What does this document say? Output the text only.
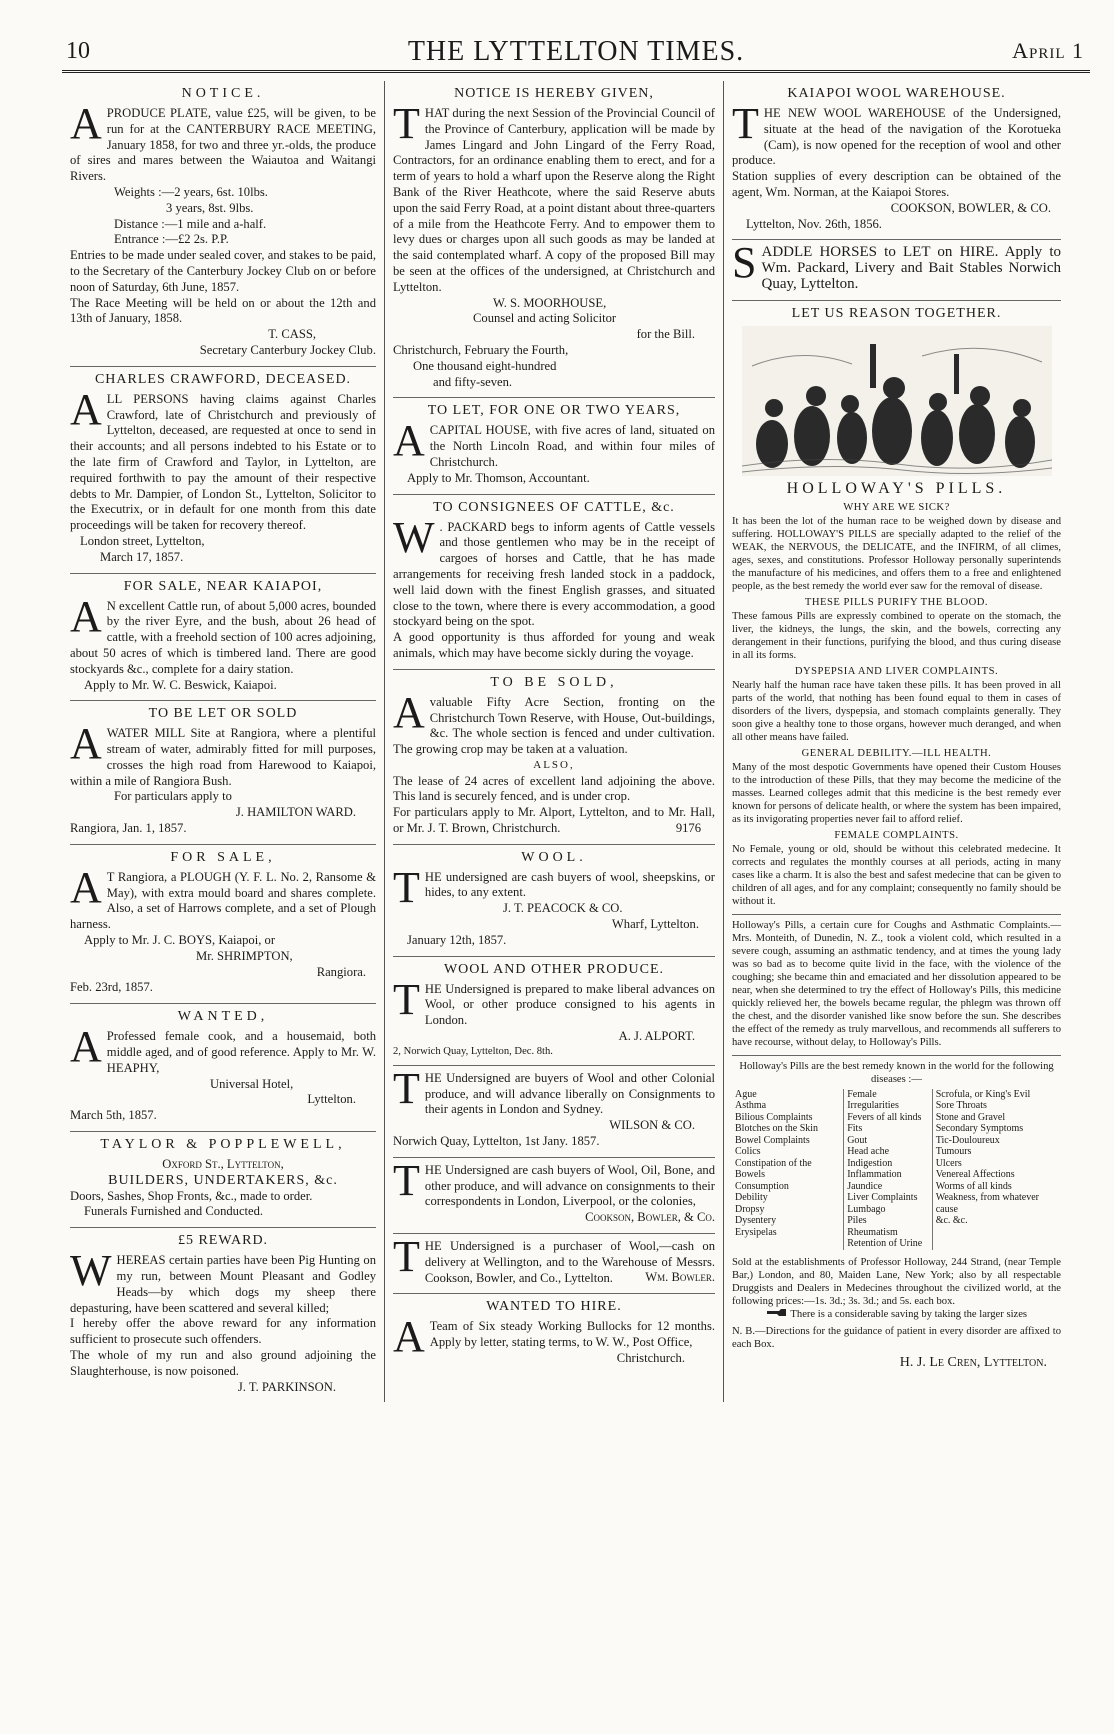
10	THE LYTTELTON TIMES.	April 1
NOTICE.

APRODUCE PLATE, value £25, will be given, to be run for at the CANTERBURY RACE MEETING, January 1858, for two and three yr.-olds, the produce of sires and mares between the Waiautoa and Waitangi Rivers.

Weights :—2 years, 6st. 10lbs.

3 years, 8st. 9lbs.

Distance :—1 mile and a-half.

Entrance :—£2 2s. P.P.

Entries to be made under sealed cover, and stakes to be paid, to the Secretary of the Canterbury Jockey Club on or before noon of Saturday, 6th June, 1857.

The Race Meeting will be held on or about the 12th and 13th of January, 1858.

T. CASS,

Secretary Canterbury Jockey Club.

CHARLES CRAWFORD, DECEASED.

ALL PERSONS having claims against Charles Crawford, late of Christchurch and previously of Lyttelton, deceased, are requested at once to send in their accounts; and all persons indebted to his Estate or to the late firm of Crawford and Taylor, in Lyttelton, are required forthwith to pay the amount of their respective debts to Mr. Dampier, of London St., Lyttelton, Solicitor to the Executrix, or in default for one month from this date proceedings will be taken for recovery thereof.

London street, Lyttelton,

March 17, 1857.

FOR SALE, NEAR KAIAPOI,

A N excellent Cattle run, of about 5,000 acres, bounded by the river Eyre, and the bush, about 26 head of cattle, with a freehold section of 100 acres adjoining, about 50 acres of which is timbered land. There are good stockyards &c., complete for a dairy station.

Apply to Mr. W. C. Beswick, Kaiapoi.

TO BE LET OR SOLD

AWATER MILL Site at Rangiora, where a plentiful stream of water, admirably fitted for mill purposes, crosses the high road from Harewood to Kaiapoi, within a mile of Rangiora Bush.

For particulars apply to

J. HAMILTON WARD.

Rangiora, Jan. 1, 1857.

FOR SALE,

A T Rangiora, a PLOUGH (Y. F. L. No. 2, Ransome & May), with extra mould board and shares complete. Also, a set of Harrows complete, and a set of Plough harness.

Apply to Mr. J. C. BOYS, Kaiapoi, or

Mr. SHRIMPTON,

Rangiora.

Feb. 23rd, 1857.

WANTED,

A Professed female cook, and a housemaid, both middle aged, and of good reference. Apply to Mr. W. HEAPHY,

Universal Hotel,

Lyttelton.

March 5th, 1857.

TAYLOR & POPPLEWELL,

Oxford St., Lyttelton,

BUILDERS, UNDERTAKERS, &c.

Doors, Sashes, Shop Fronts, &c., made to order.

Funerals Furnished and Conducted.

£5 REWARD.

WHEREAS certain parties have been Pig Hunting on my run, between Mount Pleasant and Godley Heads—by which dogs my sheep there depasturing, have been scattered and several killed;

I hereby offer the above reward for any information sufficient to prosecute such offenders.

The whole of my run and also ground adjoining the Slaughterhouse, is now poisoned.

J. T. PARKINSON.

NOTICE IS HEREBY GIVEN,

THAT during the next Session of the Provincial Council of the Province of Canterbury, application will be made by James Lingard and John Lingard of the Ferry Road, Contractors, for an ordinance enabling them to erect, and for a term of years to hold a wharf upon the Reserve along the Right Bank of the River Heathcote, where the said Reserve abuts upon the said Ferry Road, at a point distant about three-quarters of a mile from the Heathcote Ferry. And to empower them to levy dues or charges upon all such goods as may be landed at the said contemplated wharf. A copy of the proposed Bill may be seen at the offices of the undersigned, at Christchurch and Lyttelton.

W. S. MOORHOUSE,

Counsel and acting Solicitor

for the Bill.

Christchurch, February the Fourth,

One thousand eight-hundred

and fifty-seven.

TO LET, FOR ONE OR TWO YEARS,

ACAPITAL HOUSE, with five acres of land, situated on the North Lincoln Road, and within four miles of Christchurch.

Apply to Mr. Thomson, Accountant.

TO CONSIGNEES OF CATTLE, &c.

W . PACKARD begs to inform agents of Cattle vessels and those gentlemen who may be in the receipt of cargoes of horses and Cattle, that he has made arrangements for receiving fresh landed stock in a paddock, well laid down with the finest English grasses, and situated close to the town, where there is every accommodation, a good stockyard being on the spot.

A good opportunity is thus afforded for young and weak animals, which may have become sickly during the voyage.

TO BE SOLD,

Avaluable Fifty Acre Section, fronting on the Christchurch Town Reserve, with House, Out-buildings, &c. The whole section is fenced and under cultivation. The growing crop may be taken at a valuation.

ALSO,

The lease of 24 acres of excellent land adjoining the above. This land is securely fenced, and is under crop.

For particulars apply to Mr. Alport, Lyttelton, and to Mr. Hall, or Mr. J. T. Brown, Christchurch.	9176

WOOL.

THE undersigned are cash buyers of wool, sheepskins, or hides, to any extent.

J. T. PEACOCK & CO.

Wharf, Lyttelton.

January 12th, 1857.

WOOL AND OTHER PRODUCE.

THE Undersigned is prepared to make liberal advances on Wool, or other produce consigned to his agents in London.

A. J. ALPORT.

2, Norwich Quay, Lyttelton, Dec. 8th.

THE Undersigned are buyers of Wool and other Colonial produce, and will advance liberally on Consignments to their agents in London and Sydney.

WILSON & CO.

Norwich Quay, Lyttelton, 1st Jany. 1857.

THE Undersigned are cash buyers of Wool, Oil, Bone, and other produce, and will advance on consignments to their correspondents in London, Liverpool, or the colonies,

Cookson, Bowler, & Co.

THE Undersigned is a purchaser of Wool,—cash on delivery at Wellington, and to the Warehouse of Messrs. Cookson, Bowler, and Co., Lyttelton.	Wm. Bowler.

WANTED TO HIRE.

A Team of Six steady Working Bullocks for 12 months. Apply by letter, stating terms, to W. W., Post Office,

Christchurch.

KAIAPOI WOOL WAREHOUSE.

THE NEW WOOL WAREHOUSE of the Undersigned, situate at the head of the navigation of the Korotueka (Cam), is now opened for the reception of wool and other produce.

Station supplies of every description can be obtained of the agent, Wm. Norman, at the Kaiapoi Stores.

COOKSON, BOWLER, & CO.

Lyttelton, Nov. 26th, 1856.

SADDLE HORSES to LET on HIRE. Apply to Wm. Packard, Livery and Bait Stables Norwich Quay, Lyttelton.

LET US REASON TOGETHER.
HOLLOWAY'S PILLS.
WHY ARE WE SICK?

It has been the lot of the human race to be weighed down by disease and suffering. HOLLOWAY'S PILLS are specially adapted to the relief of the WEAK, the NERVOUS, the DELICATE, and the INFIRM, of all climes, ages, sexes, and constitutions. Professor Holloway personally superintends the manufacture of his medicines, and offers them to a free and enlightened people, as the best remedy the world ever saw for the removal of disease.

THESE PILLS PURIFY THE BLOOD.

These famous Pills are expressly combined to operate on the stomach, the liver, the kidneys, the lungs, the skin, and the bowels, correcting any derangement in their functions, purifying the blood, and thus curing disease in all its forms.

DYSPEPSIA AND LIVER COMPLAINTS.

Nearly half the human race have taken these pills. It has been proved in all parts of the world, that nothing has been found equal to them in cases of disorders of the livers, dyspepsia, and stomach complaints generally. They soon give a healthy tone to those organs, however much deranged, and when all other means have failed.

GENERAL DEBILITY.—ILL HEALTH.

Many of the most despotic Governments have opened their Custom Houses to the introduction of these Pills, that they may become the medicine of the masses. Learned colleges admit that this medicine is the best remedy ever known for persons of delicate health, or where the system has been impaired, as its invigorating properties never fail to afford relief.

FEMALE COMPLAINTS.

No Female, young or old, should be without this celebrated medecine. It corrects and regulates the monthly courses at all periods, acting in many cases like a charm. It is also the best and safest medecine that can be given to children of all ages, and for any complaint; consequently no family should be without it.

Holloway's Pills, a certain cure for Coughs and Asthmatic Complaints.—Mrs. Monteith, of Dunedin, N. Z., took a violent cold, which resulted in a severe cough, assuming an asthmatic tendency, and at times the young lady was so bad as to become quite livid in the face, with the violence of the coughing; she became thin and emaciated and her dissolution appeared to be near, when she determined to try the effect of Holloway's Pills, this medicine quickly relieved her, the bowels became regular, the phlegm was thrown off the chest, and the disorder vanished like snow before the sun. She describes the effect of the remedy as truly marvellous, and recommends all sufferers to have recourse, without delay, to Holloway's Pills.

Holloway's Pills are the best remedy known in the world for the following diseases :—

Ague
Asthma
Bilious Complaints
Blotches on the Skin
Bowel Complaints
Colics
Constipation of the Bowels
Consumption
Debility
Dropsy
Dysentery
Erysipelas

Female Irregularities
Fevers of all kinds
Fits
Gout
Head ache
Indigestion
Inflammation
Jaundice
Liver Complaints
Lumbago
Piles
Rheumatism
Retention of Urine

Scrofula, or King's Evil
Sore Throats
Stone and Gravel
Secondary Symptoms
Tic-Douloureux
Tumours
Ulcers
Venereal Affections
Worms of all kinds
Weakness, from whatever cause
&c. &c.

Sold at the establishments of Professor Holloway, 244 Strand, (near Temple Bar,) London, and 80, Maiden Lane, New York; also by all respectable Druggists and Dealers in Medecines throughout the civilized world, at the following prices:—1s. 3d.; 3s. 3d.; and 5s. each box.

There is a considerable saving by taking the larger sizes

N. B.—Directions for the guidance of patient in every disorder are affixed to each Box.

H. J. Le Cren, Lyttelton.
